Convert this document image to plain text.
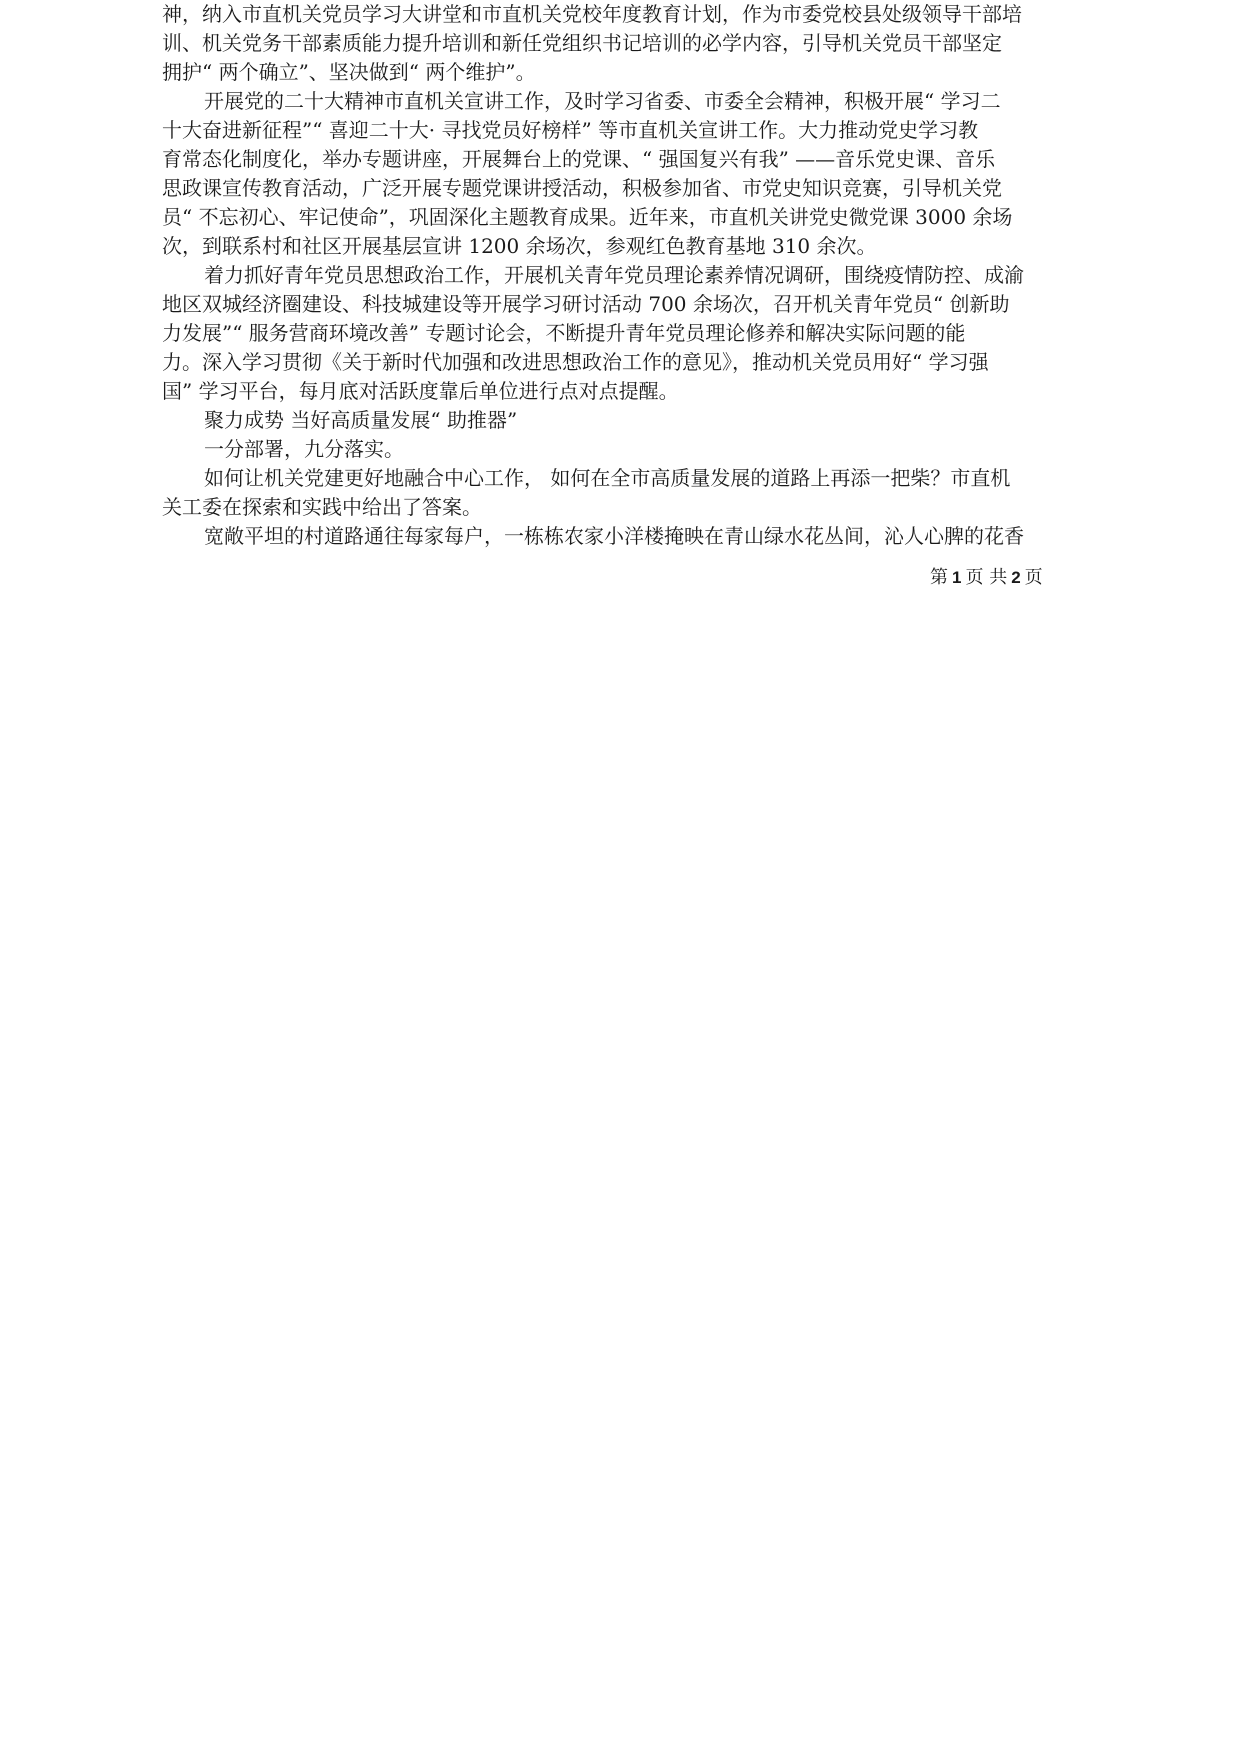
神，纳入市直机关党员学习大讲堂和市直机关党校年度教育计划，作为市委党校县处级领导干部培
训、机关党务干部素质能力提升培训和新任党组织书记培训的必学内容，引导机关党员干部坚定
拥护“ 两个确立”、坚决做到“ 两个维护”。
开展党的二十大精神市直机关宣讲工作，及时学习省委、市委全会精神，积极开展“ 学习二
十大奋进新征程”“ 喜迎二十大· 寻找党员好榜样” 等市直机关宣讲工作。大力推动党史学习教
育常态化制度化，举办专题讲座，开展舞台上的党课、“ 强国复兴有我” ——音乐党史课、音乐
思政课宣传教育活动，广泛开展专题党课讲授活动，积极参加省、市党史知识竞赛，引导机关党
员“ 不忘初心、牢记使命”，巩固深化主题教育成果。近年来，市直机关讲党史微党课 3000 余场
次，到联系村和社区开展基层宣讲 1200 余场次，参观红色教育基地 310 余次。
着力抓好青年党员思想政治工作，开展机关青年党员理论素养情况调研，围绕疫情防控、成渝
地区双城经济圈建设、科技城建设等开展学习研讨活动 700 余场次，召开机关青年党员“ 创新助
力发展”“ 服务营商环境改善” 专题讨论会，不断提升青年党员理论修养和解决实际问题的能
力。深入学习贯彻《关于新时代加强和改进思想政治工作的意见》，推动机关党员用好“ 学习强
国” 学习平台，每月底对活跃度靠后单位进行点对点提醒。
聚力成势 当好高质量发展“ 助推器”
一分部署，九分落实。
如何让机关党建更好地融合中心工作， 如何在全市高质量发展的道路上再添一把柴？市直机
关工委在探索和实践中给出了答案。
宽敞平坦的村道路通往每家每户，一栋栋农家小洋楼掩映在青山绿水花丛间，沁人心脾的花香
第 1 页 共 2 页
